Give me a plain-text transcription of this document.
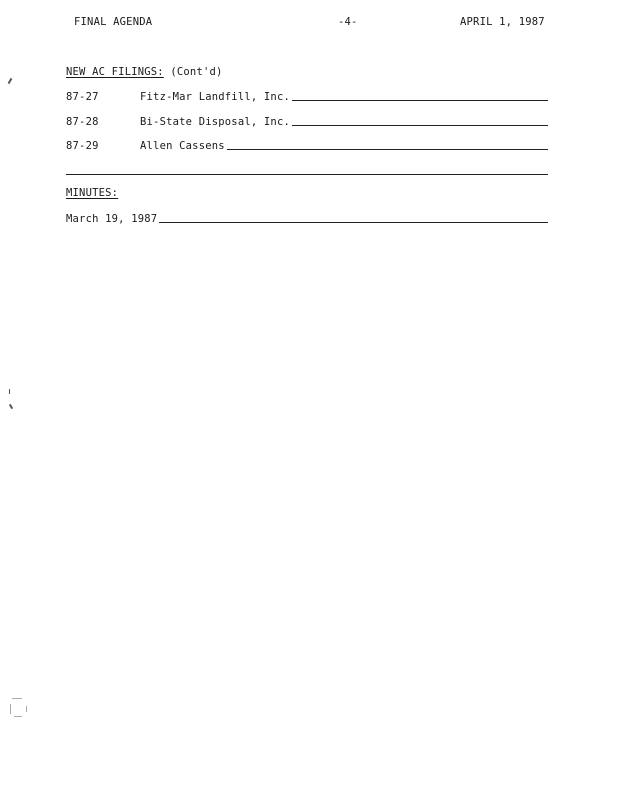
FINAL AGENDA	-4-	APRIL 1, 1987
NEW AC FILINGS: (Cont'd)
87-27	Fitz-Mar Landfill, Inc.
87-28	Bi-State Disposal, Inc.
87-29	Allen Cassens
MINUTES:
March 19, 1987
